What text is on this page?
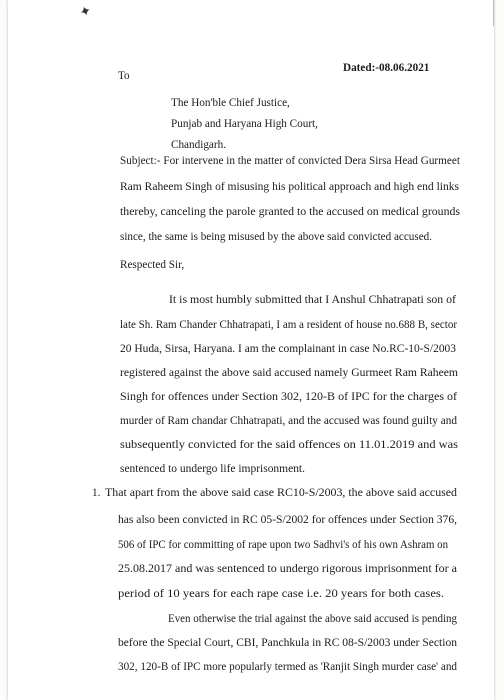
✦
Dated:-08.06.2021
To
The Hon'ble Chief Justice,
Punjab and Haryana High Court,
Chandigarh.
Subject:- For intervene in the matter of convicted Dera Sirsa Head Gurmeet
Ram Raheem Singh of misusing his political approach and high end links
thereby, canceling the parole granted to the accused on medical grounds
since, the same is being misused by the above said convicted accused.
Respected Sir,
It is most humbly submitted that I Anshul Chhatrapati son of
late Sh. Ram Chander Chhatrapati, I am a resident of house no.688 B, sector
20 Huda, Sirsa, Haryana. I am the complainant in case No.RC-10-S/2003
registered against the above said accused namely Gurmeet Ram Raheem
Singh for offences under Section 302, 120-B of IPC for the charges of
murder of Ram chandar Chhatrapati, and the accused was found guilty and
subsequently convicted for the said offences on 11.01.2019 and was
sentenced to undergo life imprisonment.
1. That apart from the above said case RC10-S/2003, the above said accused
has also been convicted in RC 05-S/2002 for offences under Section 376,
506 of IPC for committing of rape upon two Sadhvi's of his own Ashram on
25.08.2017 and was sentenced to undergo rigorous imprisonment for a
period of 10 years for each rape case i.e. 20 years for both cases.
Even otherwise the trial against the above said accused is pending
before the Special Court, CBI, Panchkula in RC 08-S/2003 under Section
302, 120-B of IPC more popularly termed as 'Ranjit Singh murder case' and
